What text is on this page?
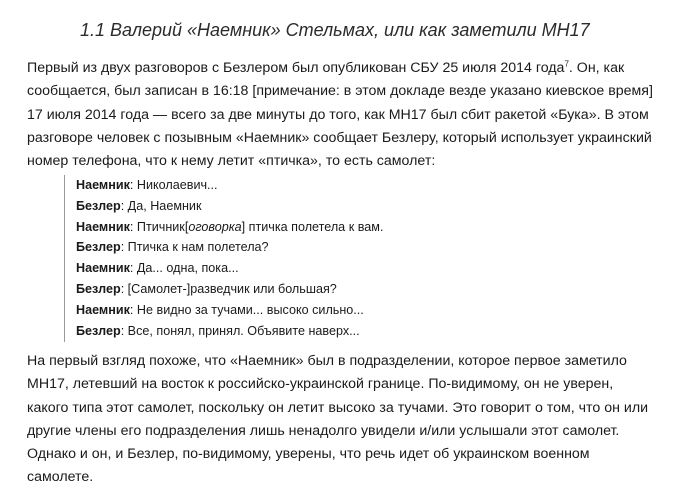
1.1 Валерий «Наемник» Стельмах, или как заметили MH17

Первый из двух разговоров с Безлером был опубликован СБУ 25 июля 2014 года$^7$. Он, как сообщается, был записан в 16:18 [примечание: в этом докладе везде указано киевское время] 17 июля 2014 года — всего за две минуты до того, как MH17 был сбит ракетой «Бука». В этом разговоре человек с позывным «Наемник» сообщает Безлеру, который использует украинский номер телефона, что к нему летит «птичка», то есть самолет:

Наемник: Николаевич...
Безлер: Да, Наемник
Наемник: Птичник[оговорка] птичка полетела к вам.
Безлер: Птичка к нам полетела?
Наемник: Да... одна, пока...
Безлер: [Самолет-]разведчик или большая?
Наемник: Не видно за тучами... высоко сильно...
Безлер: Все, понял, принял. Объявите наверх...

На первый взгляд похоже, что «Наемник» был в подразделении, которое первое заметило MH17, летевший на восток к российско-украинской границе. По-видимому, он не уверен, какого типа этот самолет, поскольку он летит высоко за тучами. Это говорит о том, что он или другие члены его подразделения лишь ненадолго увидели и/или услышали этот самолет. Однако и он, и Безлер, по-видимому, уверены, что речь идет об украинском военном самолете.
